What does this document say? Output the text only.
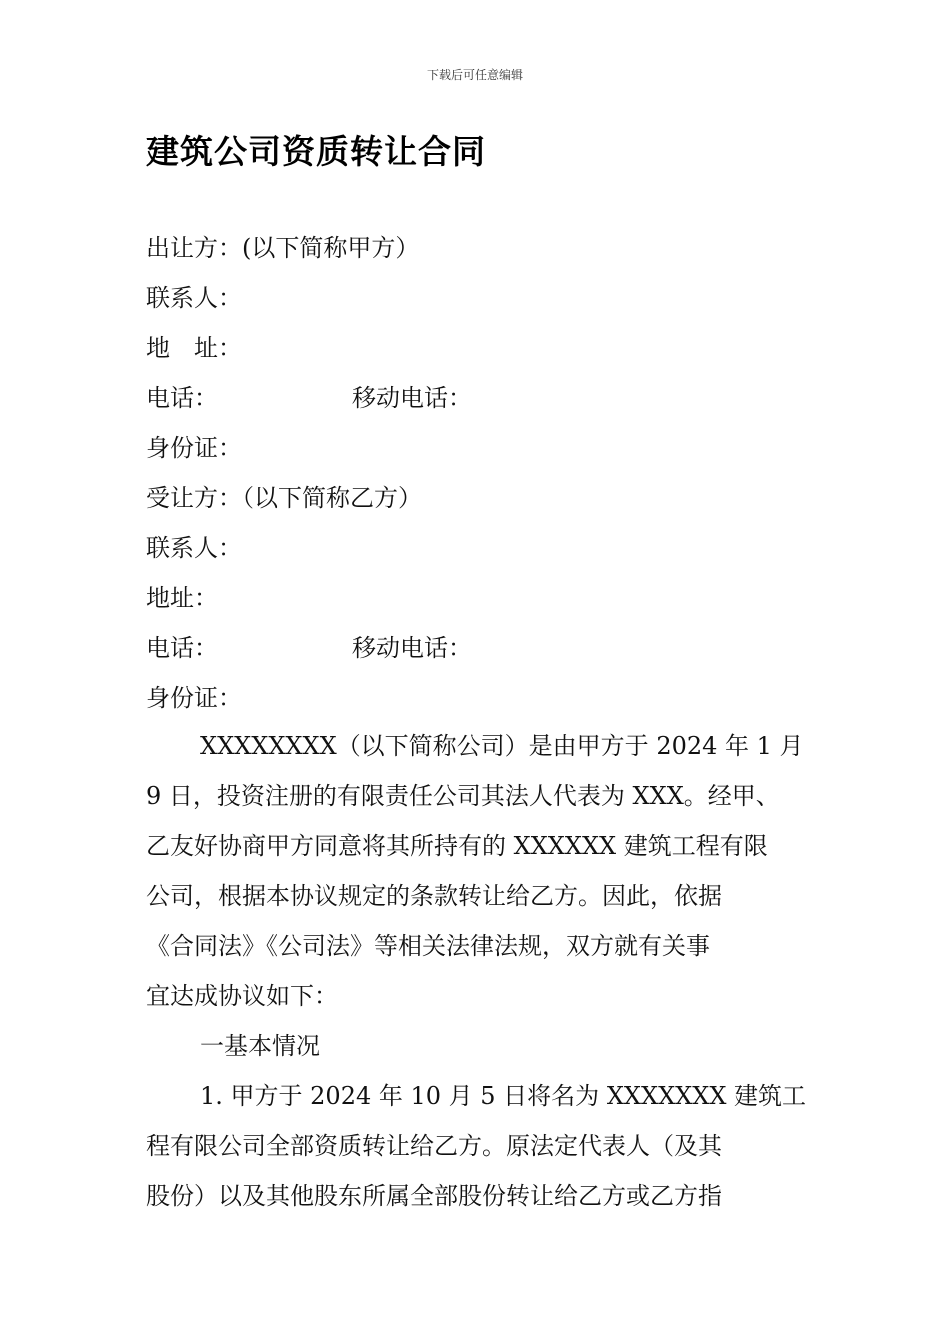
下载后可任意编辑
建筑公司资质转让合同
出让方：(以下简称甲方）
联系人：
地　址：
电话：	移动电话：
身份证：
受让方：（以下简称乙方）
联系人：
地址：
电话：	移动电话：
身份证：
XXXXXXXX（以下简称公司）是由甲方于 2024 年 1 月
9 日，投资注册的有限责任公司其法人代表为 XXX。经甲、
乙友好协商甲方同意将其所持有的 XXXXXX 建筑工程有限
公司，根据本协议规定的条款转让给乙方。因此，依据
《合同法》《公司法》等相关法律法规，双方就有关事
宜达成协议如下：
一基本情况
1. 甲方于 2024 年 10 月 5 日将名为 XXXXXXX 建筑工
程有限公司全部资质转让给乙方。原法定代表人（及其
股份）以及其他股东所属全部股份转让给乙方或乙方指
